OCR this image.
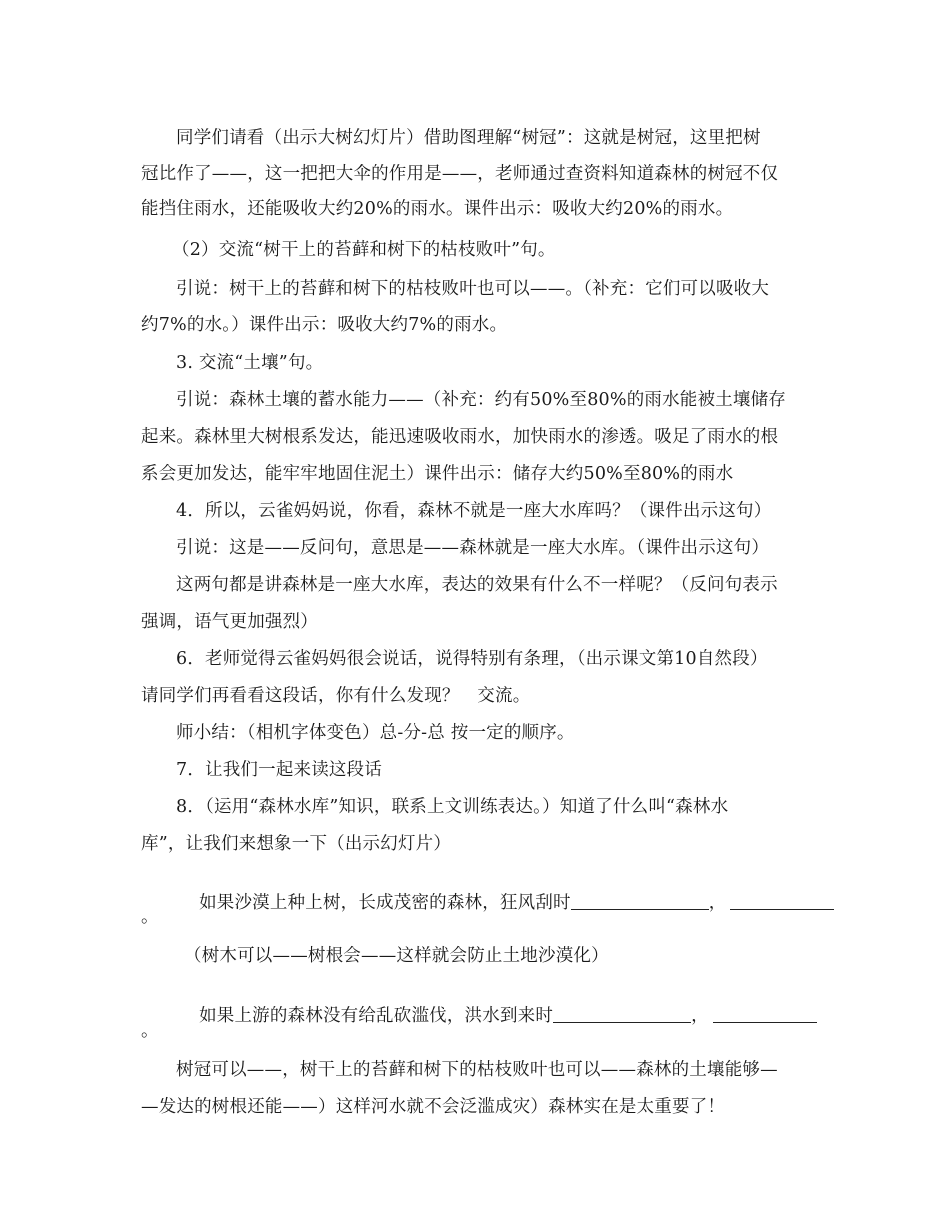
同学们请看（出示大树幻灯片）借助图理解“树冠”：这就是树冠，这里把树
冠比作了——，这一把把大伞的作用是——，老师通过查资料知道森林的树冠不仅
能挡住雨水，还能吸收大约20%的雨水。课件出示：吸收大约20%的雨水。
（2）交流“树干上的苔藓和树下的枯枝败叶”句。
引说：树干上的苔藓和树下的枯枝败叶也可以——。（补充：它们可以吸收大
约7%的水。）课件出示：吸收大约7%的雨水。
3. 交流“土壤”句。
引说：森林土壤的蓄水能力——（补充：约有50%至80%的雨水能被土壤储存
起来。森林里大树根系发达，能迅速吸收雨水，加快雨水的渗透。吸足了雨水的根
系会更加发达，能牢牢地固住泥土）课件出示：储存大约50%至80%的雨水
4．所以，云雀妈妈说，你看，森林不就是一座大水库吗？（课件出示这句）
引说：这是——反问句，意思是——森林就是一座大水库。（课件出示这句）
这两句都是讲森林是一座大水库，表达的效果有什么不一样呢？（反问句表示
强调，语气更加强烈）
6．老师觉得云雀妈妈很会说话，说得特别有条理，（出示课文第10自然段）
请同学们再看看这段话，你有什么发现？　交流。
师小结：（相机字体变色）总-分-总 按一定的顺序。
7．让我们一起来读这段话
8．（运用“森林水库”知识，联系上文训练表达。）知道了什么叫“森林水
库”，让我们来想象一下（出示幻灯片）

如果沙漠上种上树，长成茂密的森林，狂风刮时	，

。
（树木可以——树根会——这样就会防止土地沙漠化）

如果上游的森林没有给乱砍滥伐，洪水到来时	，

。
树冠可以——，树干上的苔藓和树下的枯枝败叶也可以——森林的土壤能够—
—发达的树根还能——）这样河水就不会泛滥成灾）森林实在是太重要了！
